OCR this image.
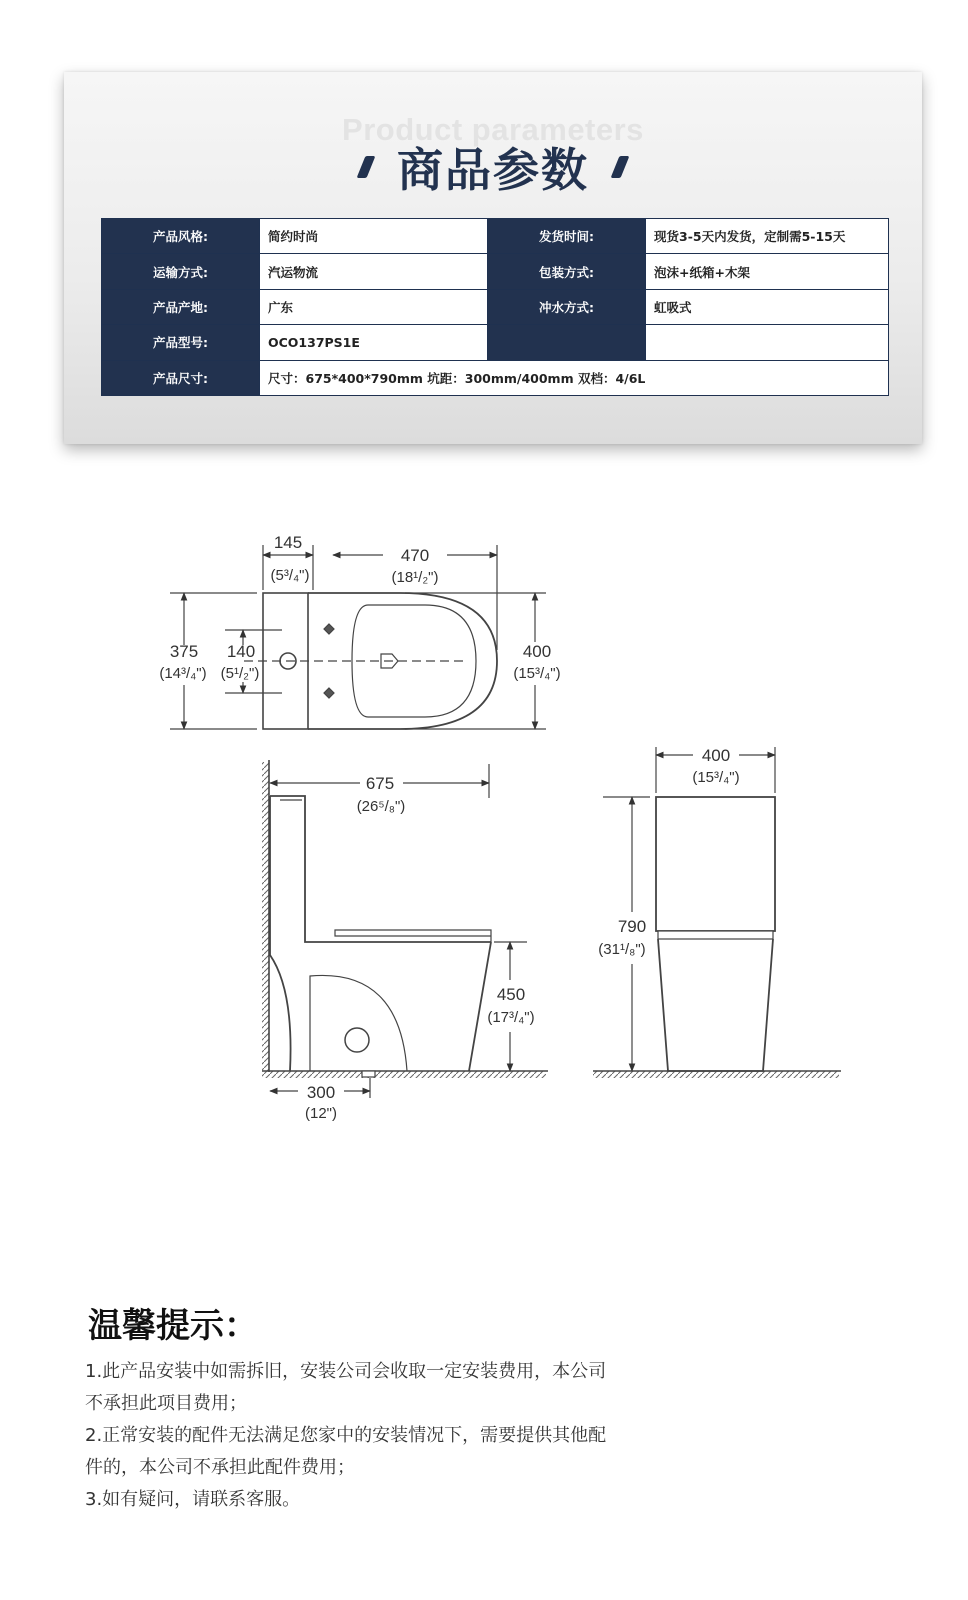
Product parameters
商品参数
产品风格:	简约时尚	发货时间:	现货3-5天内发货，定制需5-15天
运输方式:	汽运物流	包装方式:	泡沫+纸箱+木架
产品产地:	广东	冲水方式:	虹吸式
产品型号:	OCO137PS1E		
产品尺寸:	尺寸：675*400*790mm 坑距：300mm/400mm 双档：4/6L		
145
(5³/₄")
470
(18¹/₂")
375
(14³/₄")
140
(5¹/₂")
400
(15³/₄")
675
(26⁵/₈")
450
(17³/₄")
300
(12")
400
(15³/₄")
790
(31¹/₈")
温馨提示：

1.此产品安装中如需拆旧，安装公司会收取一定安装费用，本公司

不承担此项目费用；

2.正常安装的配件无法满足您家中的安装情况下，需要提供其他配

件的，本公司不承担此配件费用；

3.如有疑问，请联系客服。
